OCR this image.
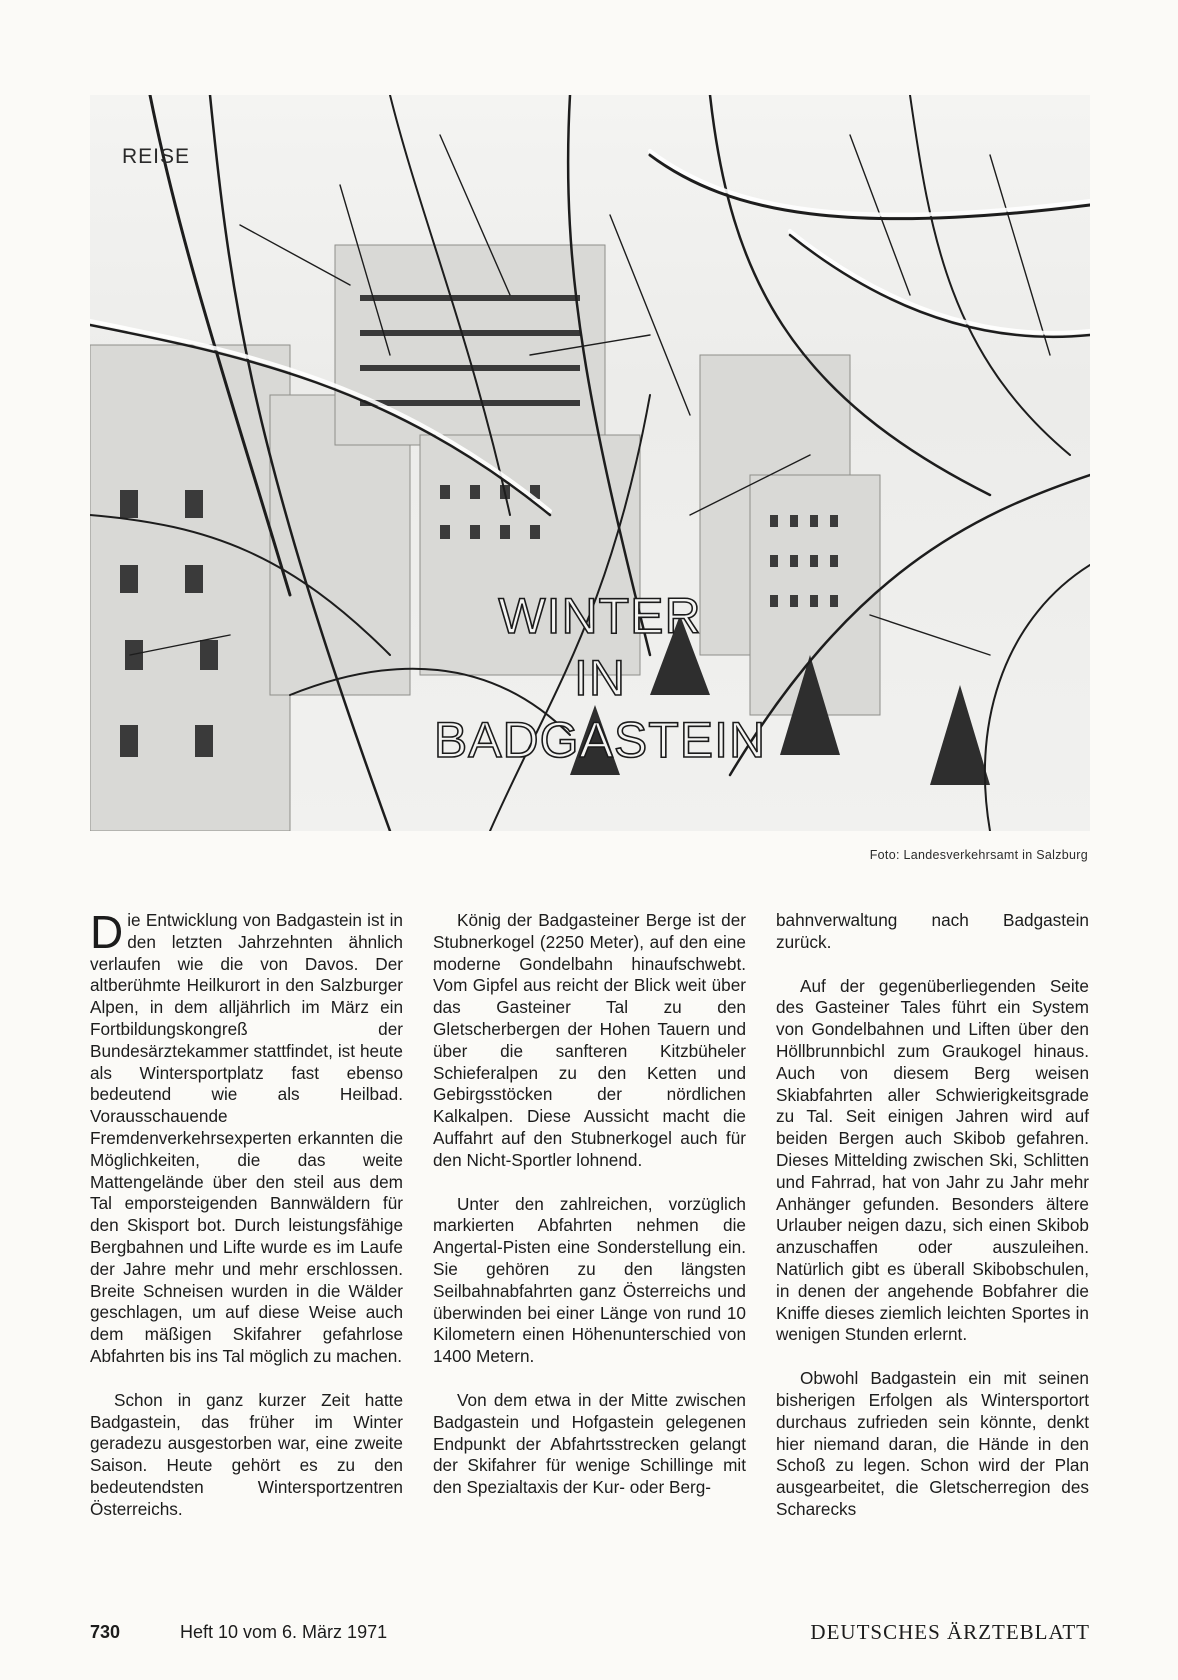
REISE
WINTER
IN
BADGASTEIN
Foto: Landesverkehrsamt in Salzburg

Die Entwicklung von Badgastein ist in den letzten Jahrzehnten ähnlich verlaufen wie die von Davos. Der altberühmte Heilkurort in den Salzburger Alpen, in dem alljährlich im März ein Fortbildungskongreß der Bundesärztekammer stattfindet, ist heute als Wintersportplatz fast ebenso bedeutend wie als Heilbad. Vorausschauende Fremdenverkehrsexperten erkannten die Möglichkeiten, die das weite Mattengelände über den steil aus dem Tal emporsteigenden Bannwäldern für den Skisport bot. Durch leistungsfähige Bergbahnen und Lifte wurde es im Laufe der Jahre mehr und mehr erschlossen. Breite Schneisen wurden in die Wälder geschlagen, um auf diese Weise auch dem mäßigen Skifahrer gefahrlose Abfahrten bis ins Tal möglich zu machen.

Schon in ganz kurzer Zeit hatte Badgastein, das früher im Winter geradezu ausgestorben war, eine zweite Saison. Heute gehört es zu den bedeutendsten Wintersportzentren Österreichs.

König der Badgasteiner Berge ist der Stubnerkogel (2250 Meter), auf den eine moderne Gondelbahn hinaufschwebt. Vom Gipfel aus reicht der Blick weit über das Gasteiner Tal zu den Gletscherbergen der Hohen Tauern und über die sanfteren Kitzbüheler Schieferalpen zu den Ketten und Gebirgsstöcken der nördlichen Kalkalpen. Diese Aussicht macht die Auffahrt auf den Stubnerkogel auch für den Nicht-Sportler lohnend.

Unter den zahlreichen, vorzüglich markierten Abfahrten nehmen die Angertal-Pisten eine Sonderstellung ein. Sie gehören zu den längsten Seilbahnabfahrten ganz Österreichs und überwinden bei einer Länge von rund 10 Kilometern einen Höhenunterschied von 1400 Metern.

Von dem etwa in der Mitte zwischen Badgastein und Hofgastein gelegenen Endpunkt der Abfahrtsstrecken gelangt der Skifahrer für wenige Schillinge mit den Spezialtaxis der Kur- oder Berg-

bahnverwaltung nach Badgastein zurück.

Auf der gegenüberliegenden Seite des Gasteiner Tales führt ein System von Gondelbahnen und Liften über den Höllbrunnbichl zum Graukogel hinaus. Auch von diesem Berg weisen Skiabfahrten aller Schwierigkeitsgrade zu Tal. Seit einigen Jahren wird auf beiden Bergen auch Skibob gefahren. Dieses Mittelding zwischen Ski, Schlitten und Fahrrad, hat von Jahr zu Jahr mehr Anhänger gefunden. Besonders ältere Urlauber neigen dazu, sich einen Skibob anzuschaffen oder auszuleihen. Natürlich gibt es überall Skibobschulen, in denen der angehende Bobfahrer die Kniffe dieses ziemlich leichten Sportes in wenigen Stunden erlernt.

Obwohl Badgastein ein mit seinen bisherigen Erfolgen als Wintersportort durchaus zufrieden sein könnte, denkt hier niemand daran, die Hände in den Schoß zu legen. Schon wird der Plan ausgearbeitet, die Gletscherregion des Scharecks

730	Heft 10 vom 6. März 1971	DEUTSCHES ÄRZTEBLATT
